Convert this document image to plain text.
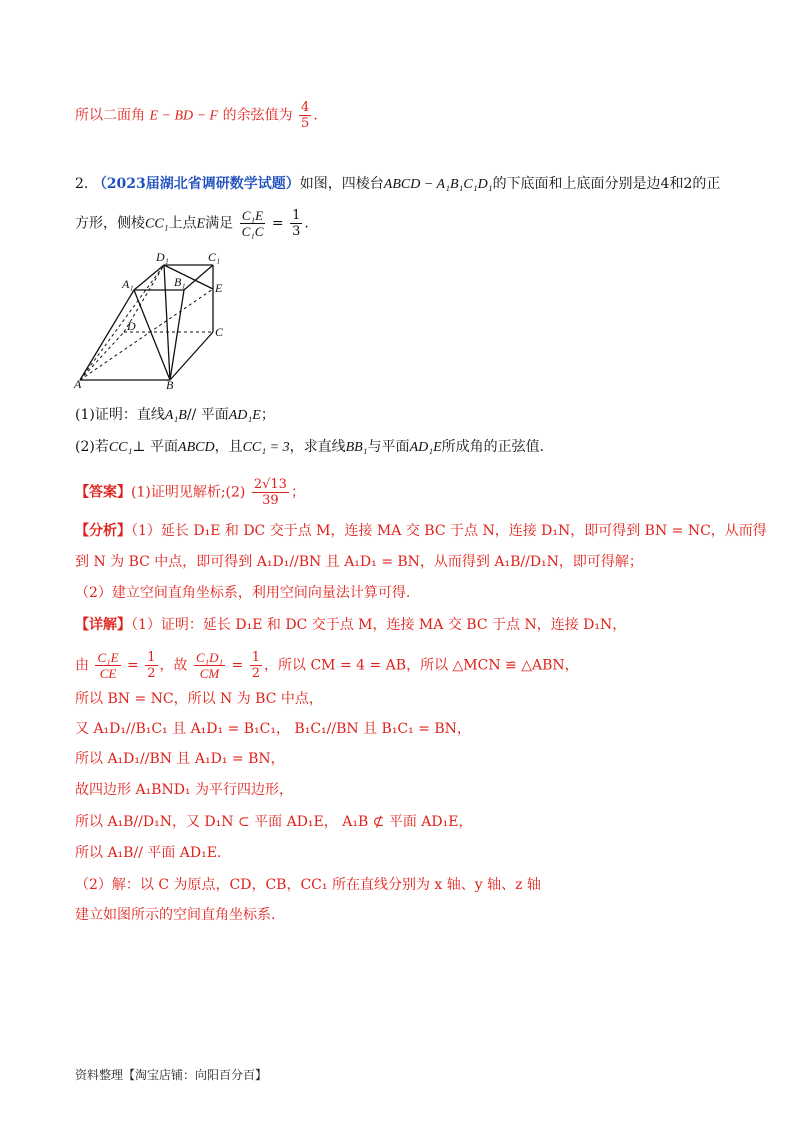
所以二面角 E − BD − F 的余弦值为 $\frac{4}{5}$ .
2. （2023届湖北省调研数学试题）如图，四棱台ABCD − A₁B₁C₁D₁的下底面和上底面分别是边4和2的正
方形，侧棱CC₁上点E满足 $\frac{\text{C₁E}}{\text{C₁C}} = \frac{1}{3}$ .
D₁	C₁
A₁	B₁ E
D	C
A	B
(1)证明：直线A₁B// 平面AD₁E；
(2)若CC₁⊥ 平面ABCD，且CC₁ = 3，求直线BB₁与平面AD₁E所成角的正弦值.
【答案】(1)证明见解析;(2) $\frac{2√13}{39}$ ；
【分析】（1）延长 D₁E 和 DC 交于点 M，连接 MA 交 BC 于点 N，连接 D₁N，即可得到 BN = NC，从而得
到 N 为 BC 中点，即可得到 A₁D₁//BN 且 A₁D₁ = BN，从而得到 A₁B//D₁N，即可得解；
（2）建立空间直角坐标系，利用空间向量法计算可得.
【详解】（1）证明：延长 D₁E 和 DC 交于点 M，连接 MA 交 BC 于点 N，连接 D₁N，
由 $\frac{\text{C₁E}}{CE} = \frac{1}{2}$ ，故 $\frac{\text{C₁D₁}}{CM} = \frac{1}{2}$ ，所以 CM = 4 = AB，所以 △MCN ≌ △ABN，
所以 BN = NC，所以 N 为 BC 中点，
又 A₁D₁//B₁C₁ 且 A₁D₁ = B₁C₁， B₁C₁//BN 且 B₁C₁ = BN，
所以 A₁D₁//BN 且 A₁D₁ = BN，
故四边形 A₁BND₁ 为平行四边形，
所以 A₁B//D₁N，又 D₁N ⊂ 平面 AD₁E， A₁B ⊄ 平面 AD₁E，
所以 A₁B// 平面 AD₁E.
（2）解：以 C 为原点，CD，CB，CC₁ 所在直线分别为 x 轴、y 轴、z 轴
建立如图所示的空间直角坐标系.
资料整理【淘宝店铺：向阳百分百】
